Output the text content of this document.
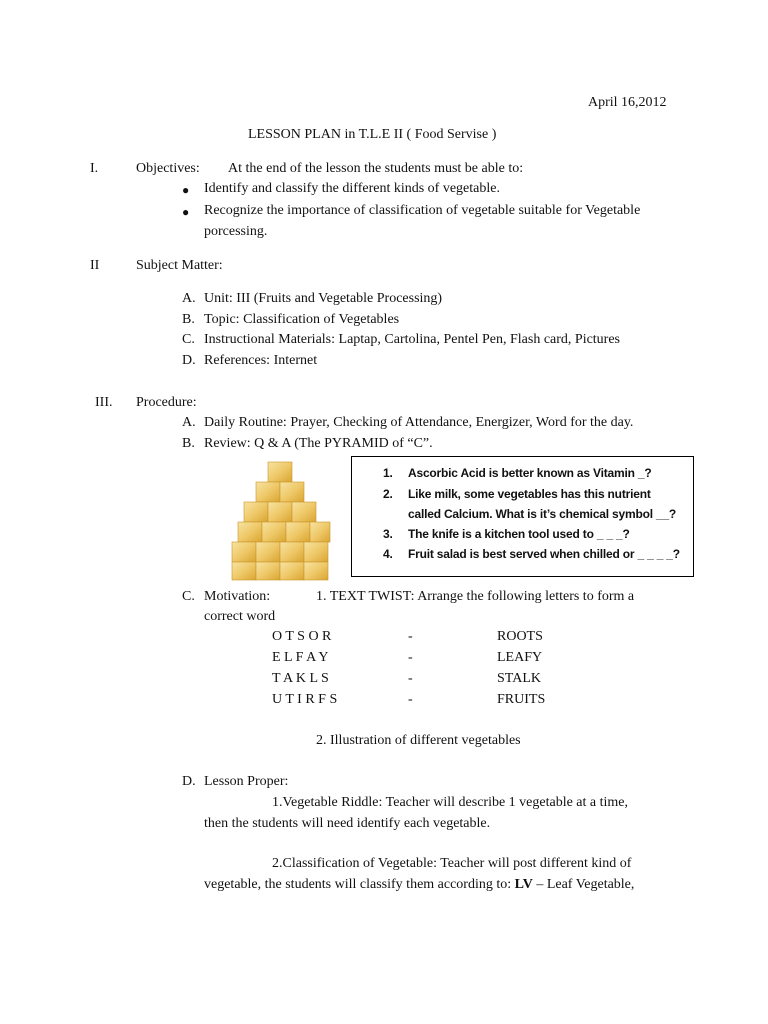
April 16,2012
LESSON PLAN in T.L.E II ( Food Servise )
I.	Objectives: At the end of the lesson the students must be able to:
● Identify and classify the different kinds of vegetable.
● Recognize the importance of classification of vegetable suitable for Vegetable
porcessing.
II	Subject Matter:
A. Unit: III (Fruits and Vegetable Processing)
B. Topic: Classification of Vegetables
C. Instructional Materials: Laptap, Cartolina, Pentel Pen, Flash card, Pictures
D. References: Internet
III. Procedure:
A. Daily Routine: Prayer, Checking of Attendance, Energizer, Word for the day.
B. Review: Q & A (The PYRAMID of “C”.
1. Ascorbic Acid is better known as Vitamin _?
2. Like milk, some vegetables has this nutrient
called Calcium. What is it’s chemical symbol __?
3. The knife is a kitchen tool used to _ _ _?
4. Fruit salad is best served when chilled or _ _ _ _?
C. Motivation:	1. TEXT TWIST: Arrange the following letters to form a
correct word
O T S O R	-	ROOTS
E L F A Y	-	LEAFY
T A K L S	-	STALK
U T I R F S	-	FRUITS
2. Illustration of different vegetables
D. Lesson Proper:
1.Vegetable Riddle: Teacher will describe 1 vegetable at a time,
then the students will need identify each vegetable.
2.Classification of Vegetable: Teacher will post different kind of
vegetable, the students will classify them according to: LV – Leaf Vegetable,
